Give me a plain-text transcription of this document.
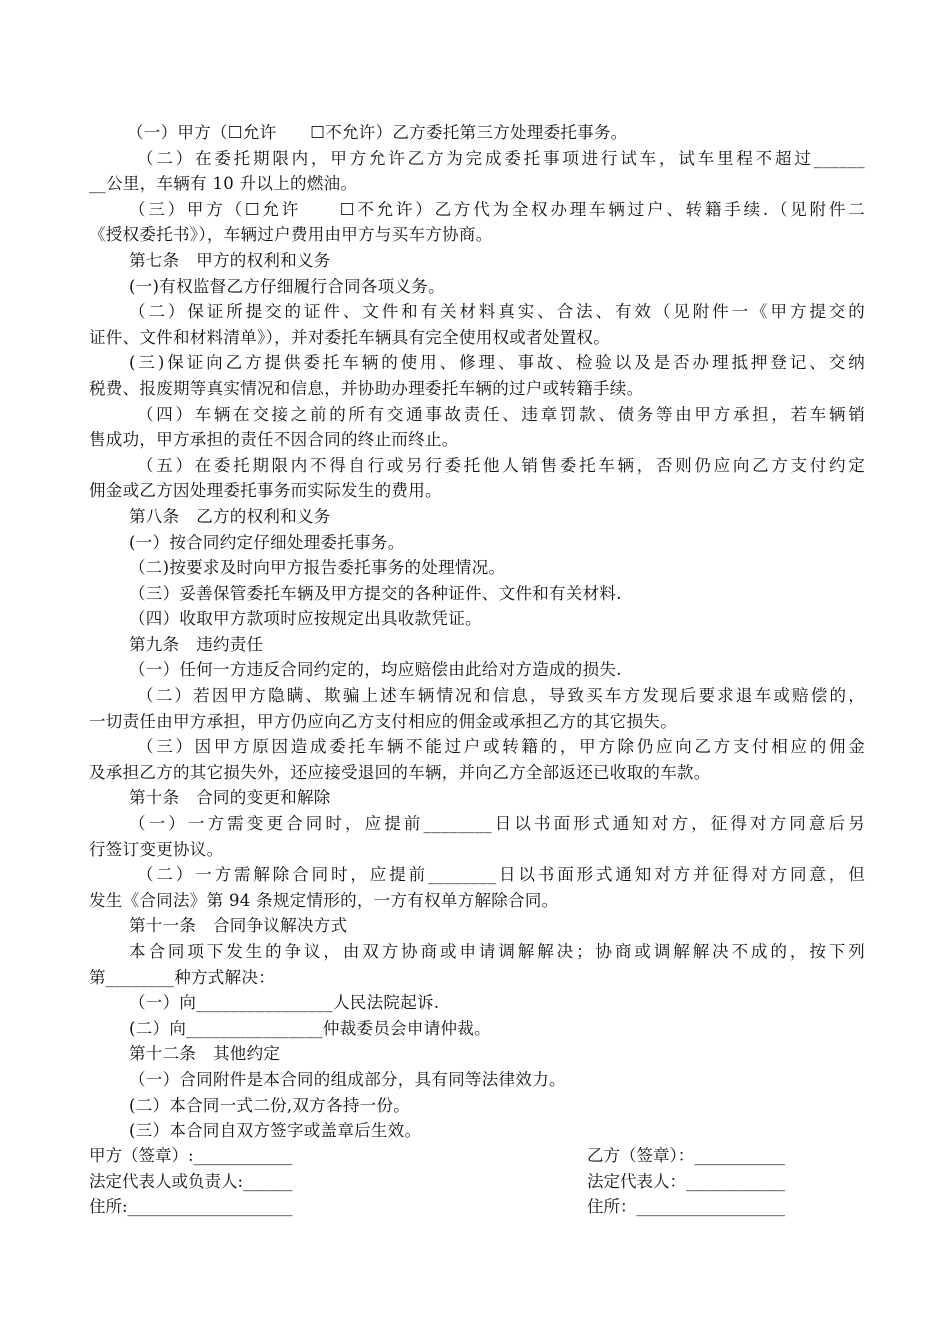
（一）甲方（☐允许　　☐不允许）乙方委托第三方处理委托事务。
（二）在委托期限内，甲方允许乙方为完成委托事项进行试车，试车里程不超过______
__公里，车辆有 10 升以上的燃油。
（三）甲方（☐允许　　☐不允许）乙方代为全权办理车辆过户、转籍手续.（见附件二
《授权委托书》），车辆过户费用由甲方与买车方协商。
第七条　甲方的权利和义务
(一)有权监督乙方仔细履行合同各项义务。
（二）保证所提交的证件、文件和有关材料真实、合法、有效（见附件一《甲方提交的
证件、文件和材料清单》），并对委托车辆具有完全使用权或者处置权。
(三)保证向乙方提供委托车辆的使用、修理、事故、检验以及是否办理抵押登记、交纳
税费、报废期等真实情况和信息，并协助办理委托车辆的过户或转籍手续。
（四）车辆在交接之前的所有交通事故责任、违章罚款、债务等由甲方承担，若车辆销
售成功，甲方承担的责任不因合同的终止而终止。
（五）在委托期限内不得自行或另行委托他人销售委托车辆，否则仍应向乙方支付约定
佣金或乙方因处理委托事务而实际发生的费用。
第八条　乙方的权利和义务
(一）按合同约定仔细处理委托事务。
（二)按要求及时向甲方报告委托事务的处理情况。
（三）妥善保管委托车辆及甲方提交的各种证件、文件和有关材料.
（四）收取甲方款项时应按规定出具收款凭证。
第九条　违约责任
（一）任何一方违反合同约定的，均应赔偿由此给对方造成的损失.
（二）若因甲方隐瞒、欺骗上述车辆情况和信息，导致买车方发现后要求退车或赔偿的，
一切责任由甲方承担，甲方仍应向乙方支付相应的佣金或承担乙方的其它损失。
（三）因甲方原因造成委托车辆不能过户或转籍的，甲方除仍应向乙方支付相应的佣金
及承担乙方的其它损失外，还应接受退回的车辆，并向乙方全部返还已收取的车款。
第十条　合同的变更和解除
（一）一方需变更合同时，应提前________日以书面形式通知对方，征得对方同意后另
行签订变更协议。
（二）一方需解除合同时，应提前________日以书面形式通知对方并征得对方同意，但
发生《合同法》第 94 条规定情形的，一方有权单方解除合同。
第十一条　合同争议解决方式
本合同项下发生的争议，由双方协商或申请调解解决；协商或调解解决不成的，按下列
第________种方式解决：
（一）向________________人民法院起诉.
(二）向________________仲裁委员会申请仲裁。
第十二条　其他约定
（一）合同附件是本合同的组成部分，具有同等法律效力。
(二）本合同一式二份,双方各持一份。
(三）本合同自双方签字或盖章后生效。
甲方（签章）:____________
法定代表人或负责人:______
住所:____________________
乙方（签章）：___________
法定代表人：____________
住所：__________________
